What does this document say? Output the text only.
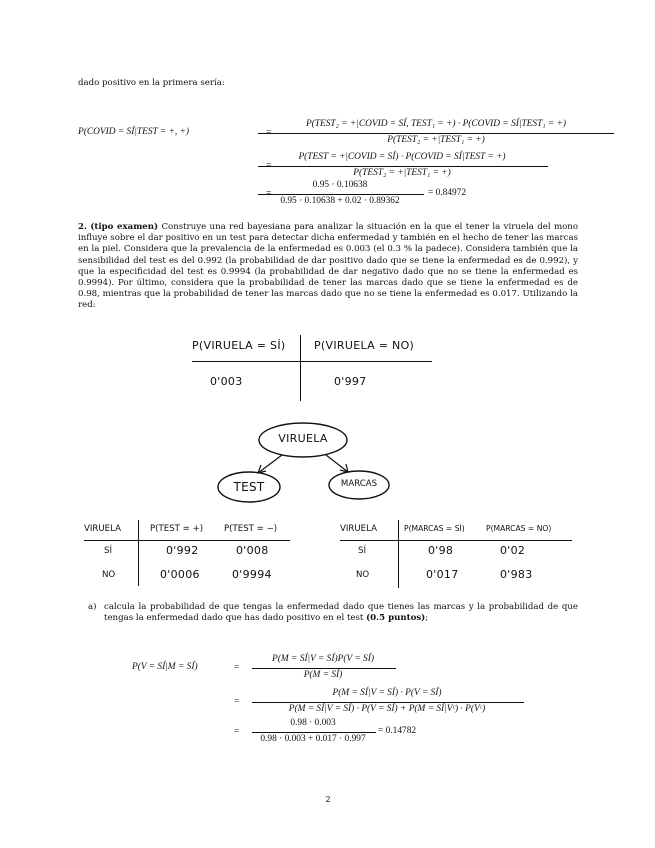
dado positivo en la primera sería:
P(COVID = SÍ|TEST = +, +)	=
P(TEST₂ = +|COVID = SÍ, TEST₁ = +) · P(COVID = SÍ|TEST₁ = +)
P(TEST₂ = +|TEST₁ = +)
=
P(TEST = +|COVID = SÍ) · P(COVID = SÍ|TEST = +)
P(TEST₂ = +|TEST₁ = +)
=
0.95 · 0.10638
0.95 · 0.10638 + 0.02 · 0.89362
= 0.84972
2. (tipo examen) Construye una red bayesiana para analizar la situación en la que el tener la viruela del mono influye sobre el dar positivo en un test para detectar dicha enfermedad y también en el hecho de tener las marcas en la piel. Considera que la prevalencia de la enfermedad es 0.003 (el 0.3 % la padece). Considera también que la sensibilidad del test es del 0.992 (la probabilidad de dar positivo dado que se tiene la enfermedad es de 0.992), y que la especificidad del test es 0.9994 (la probabilidad de dar negativo dado que no se tiene la enfermedad es 0.9994). Por último, considera que la probabilidad de tener las marcas dado que se tiene la enfermedad es de 0.98, mientras que la probabilidad de tener las marcas dado que no se tiene la enfermedad es 0.017. Utilizando la red:
P(VIRUELA = SÍ)	P(VIRUELA = NO)
0'003	0'997
VIRUELA
TEST	MARCAS
VIRUELA	P(TEST = +) P(TEST = −)
SÍ	0'992	0'008
NO	0'0006	0'9994
VIRUELA	P(MARCAS = SÍ)	P(MARCAS = NO)
SÍ	0'98	0'02
NO	0'017	0'983
a) calcula la probabilidad de que tengas la enfermedad dado que tienes las marcas y la probabilidad de que tengas la enfermedad dado que has dado positivo en el test (0.5 puntos);
P(V = SÍ|M = SÍ)	=
P(M = SÍ|V = SÍ)P(V = SÍ)
P(M = SÍ)
=
P(M = SÍ|V = SÍ) · P(V = SÍ)
P(M = SÍ|V = SÍ) · P(V = SÍ) + P(M = SÍ|Vᶜ) · P(Vᶜ)
=
0.98 · 0.003
0.98 · 0.003 + 0.017 · 0.997
= 0.14782
2
